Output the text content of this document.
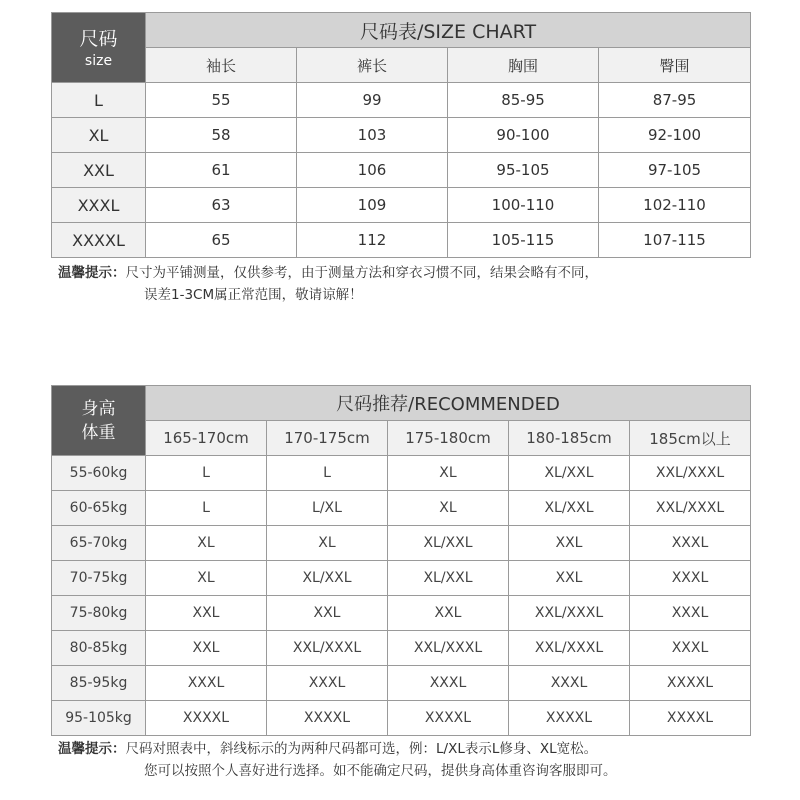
尺码
size	尺码表/SIZE CHART			
	袖长	裤长	胸围	臀围
L	55	99	85-95	87-95
XL	58	103	90-100	92-100
XXL	61	106	95-105	97-105
XXXL	63	109	100-110	102-110
XXXXL	65	112	105-115	107-115
温馨提示：尺寸为平铺测量，仅供参考，由于测量方法和穿衣习惯不同，结果会略有不同，
误差1-3CM属正常范围，敬请谅解！
身高
体重	尺码推荐/RECOMMENDED				
	165-170cm	170-175cm	175-180cm	180-185cm	185cm以上
55-60kg	L	L	XL	XL/XXL	XXL/XXXL
60-65kg	L	L/XL	XL	XL/XXL	XXL/XXXL
65-70kg	XL	XL	XL/XXL	XXL	XXXL
70-75kg	XL	XL/XXL	XL/XXL	XXL	XXXL
75-80kg	XXL	XXL	XXL	XXL/XXXL	XXXL
80-85kg	XXL	XXL/XXXL	XXL/XXXL	XXL/XXXL	XXXL
85-95kg	XXXL	XXXL	XXXL	XXXL	XXXXL
95-105kg	XXXXL	XXXXL	XXXXL	XXXXL	XXXXL
温馨提示：尺码对照表中，斜线标示的为两种尺码都可选，例：L/XL表示L修身、XL宽松。
您可以按照个人喜好进行选择。如不能确定尺码，提供身高体重咨询客服即可。
